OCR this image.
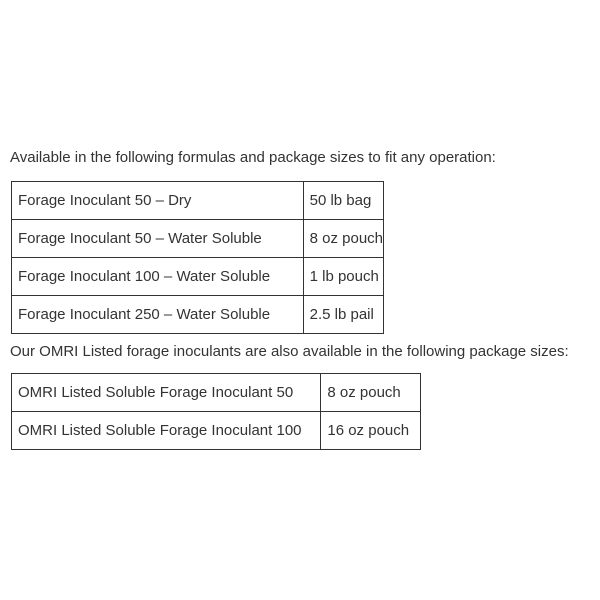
Available in the following formulas and package sizes to fit any operation:

Forage Inoculant 50 – Dry	50 lb bag
Forage Inoculant 50 – Water Soluble	8 oz pouch
Forage Inoculant 100 – Water Soluble	1 lb pouch
Forage Inoculant 250 – Water Soluble	2.5 lb pail

Our OMRI Listed forage inoculants are also available in the following package sizes:

OMRI Listed Soluble Forage Inoculant 50	8 oz pouch
OMRI Listed Soluble Forage Inoculant 100	16 oz pouch
